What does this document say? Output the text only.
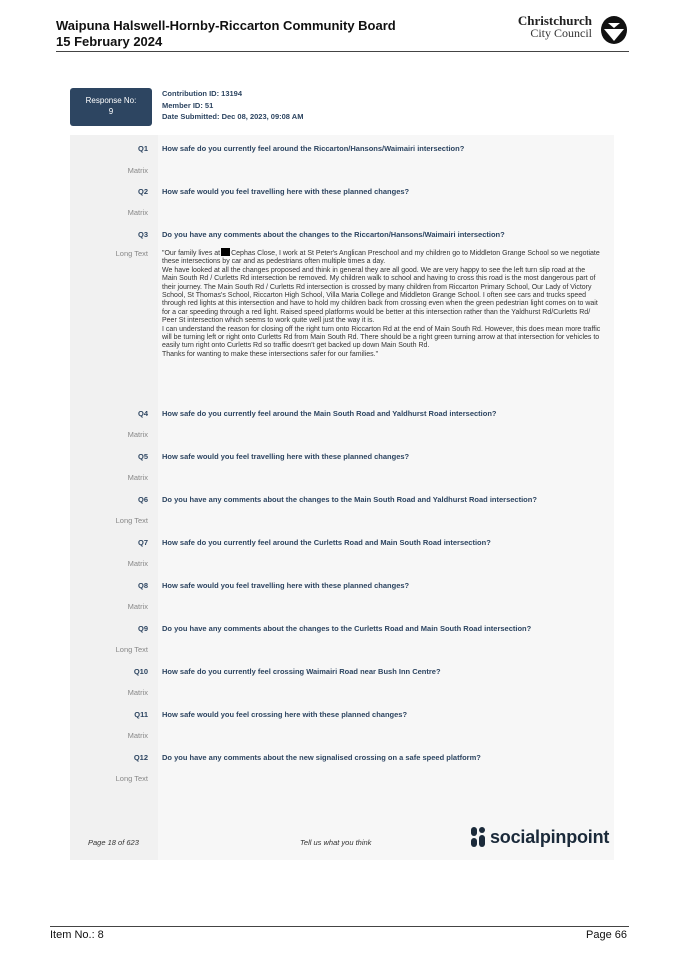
Waipuna Halswell-Hornby-Riccarton Community Board
15 February 2024
Christchurch
City Council
Response No:
9
Contribution ID: 13194
Member ID: 51
Date Submitted: Dec 08, 2023, 09:08 AM
Q1 How safe do you currently feel around the Riccarton/Hansons/Waimairi intersection?
Matrix
Q2 How safe would you feel travelling here with these planned changes?
Matrix
Q3 Do you have any comments about the changes to the Riccarton/Hansons/Waimairi intersection?
Long Text "Our family lives at Cephas Close, I work at St Peter's Anglican Preschool and my children go to Middleton Grange School so we negotiate these intersections by car and as pedestrians often multiple times a day.

We have looked at all the changes proposed and think in general they are all good. We are very happy to see the left turn slip road at the Main South Rd / Curletts Rd intersection be removed. My children walk to school and having to cross this road is the most dangerous part of their journey. The Main South Rd / Curletts Rd intersection is crossed by many children from Riccarton Primary School, Our Lady of Victory School, St Thomas's School, Riccarton High School, Villa Maria College and Middleton Grange School. I often see cars and trucks speed through red lights at this intersection and have to hold my children back from crossing even when the green pedestrian light comes on to wait for a car speeding through a red light. Raised speed platforms would be better at this intersection rather than the Yaldhurst Rd/Curletts Rd/ Peer St intersection which seems to work quite well just the way it is.

I can understand the reason for closing off the right turn onto Riccarton Rd at the end of Main South Rd. However, this does mean more traffic will be turning left or right onto Curletts Rd from Main South Rd. There should be a right green turning arrow at that intersection for vehicles to easily turn right onto Curletts Rd so traffic doesn't get backed up down Main South Rd.

Thanks for wanting to make these intersections safer for our families."

Q4 How safe do you currently feel around the Main South Road and Yaldhurst Road intersection?
Matrix
Q5 How safe would you feel travelling here with these planned changes?
Matrix
Q6 Do you have any comments about the changes to the Main South Road and Yaldhurst Road intersection?
Long Text
Q7 How safe do you currently feel around the Curletts Road and Main South Road intersection?
Matrix
Q8 How safe would you feel travelling here with these planned changes?
Matrix
Q9 Do you have any comments about the changes to the Curletts Road and Main South Road intersection?
Long Text
Q10 How safe do you currently feel crossing Waimairi Road near Bush Inn Centre?
Matrix
Q11 How safe would you feel crossing here with these planned changes?
Matrix
Q12 Do you have any comments about the new signalised crossing on a safe speed platform?
Long Text
Page 18 of 623	Tell us what you think	socialpinpoint
Item No.: 8	Page 66
